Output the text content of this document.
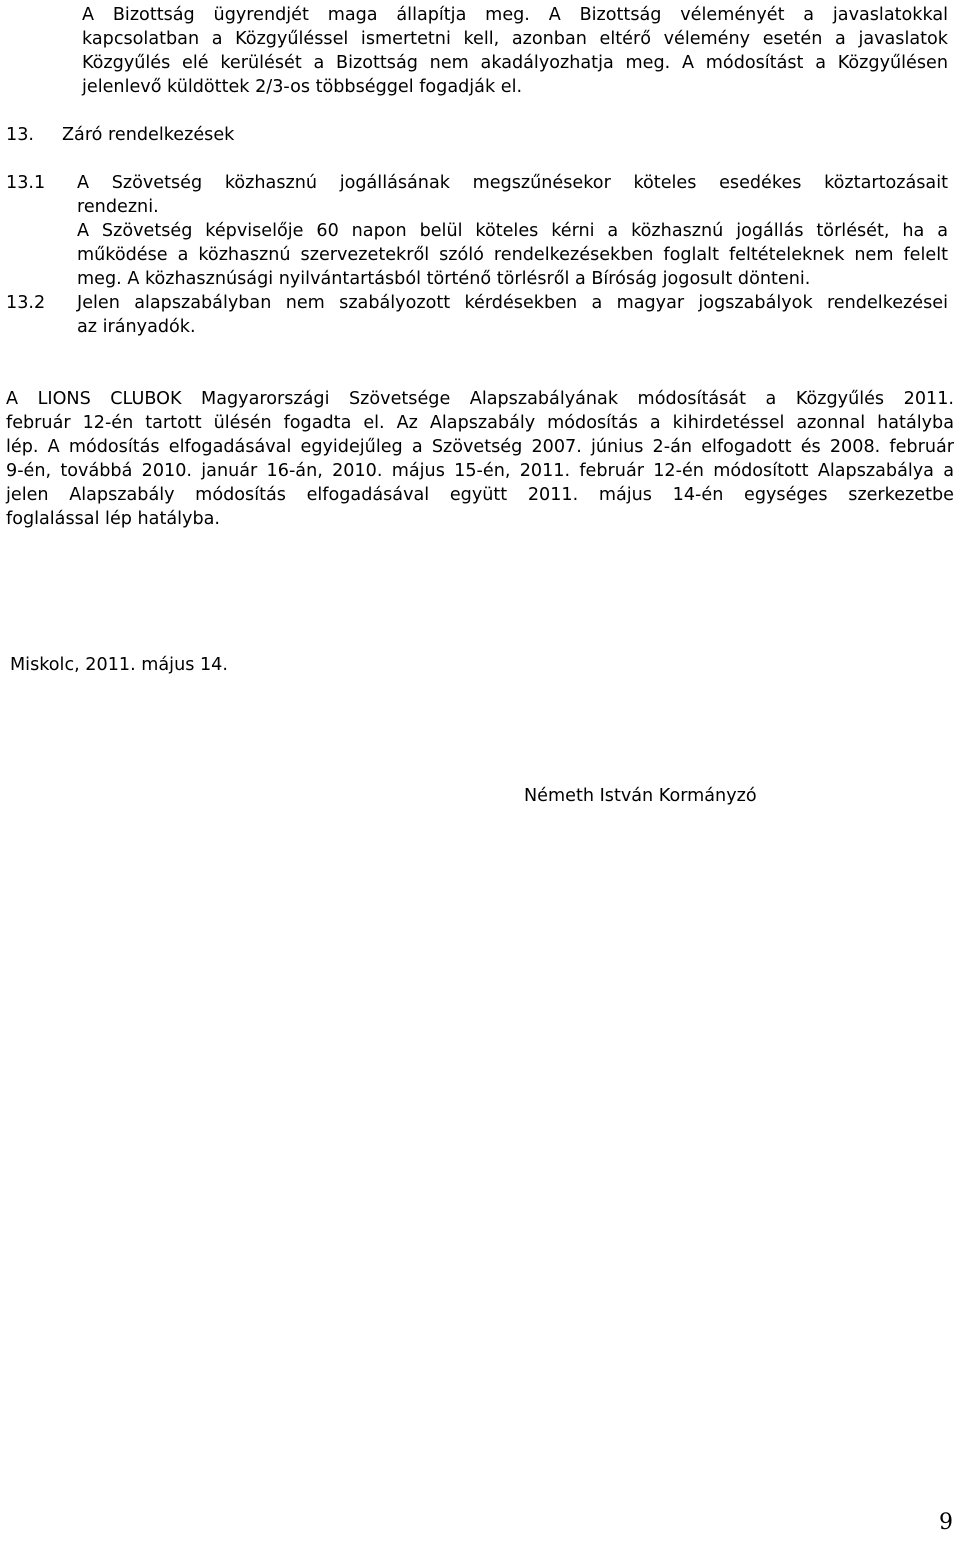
A Bizottság ügyrendjét maga állapítja meg. A Bizottság véleményét a javaslatokkal
kapcsolatban a Közgyűléssel ismertetni kell, azonban eltérő vélemény esetén a javaslatok
Közgyűlés elé kerülését a Bizottság nem akadályozhatja meg. A módosítást a Közgyűlésen
jelenlevő küldöttek 2/3-os többséggel fogadják el.
13. Záró rendelkezések
13.1 A Szövetség közhasznú jogállásának megszűnésekor köteles esedékes köztartozásait
rendezni.
A Szövetség képviselője 60 napon belül köteles kérni a közhasznú jogállás törlését, ha a
működése a közhasznú szervezetekről szóló rendelkezésekben foglalt feltételeknek nem felelt
meg. A közhasznúsági nyilvántartásból történő törlésről a Bíróság jogosult dönteni.
13.2 Jelen alapszabályban nem szabályozott kérdésekben a magyar jogszabályok rendelkezései
az irányadók.
A LIONS CLUBOK Magyarországi Szövetsége Alapszabályának módosítását a Közgyűlés 2011.
február 12-én tartott ülésén fogadta el. Az Alapszabály módosítás a kihirdetéssel azonnal hatályba
lép. A módosítás elfogadásával egyidejűleg a Szövetség 2007. június 2-án elfogadott és 2008. február
9-én, továbbá 2010. január 16-án, 2010. május 15-én, 2011. február 12-én módosított Alapszabálya a
jelen Alapszabály módosítás elfogadásával együtt 2011. május 14-én egységes szerkezetbe
foglalással lép hatályba.
Miskolc, 2011. május 14.
Németh István Kormányzó
9
